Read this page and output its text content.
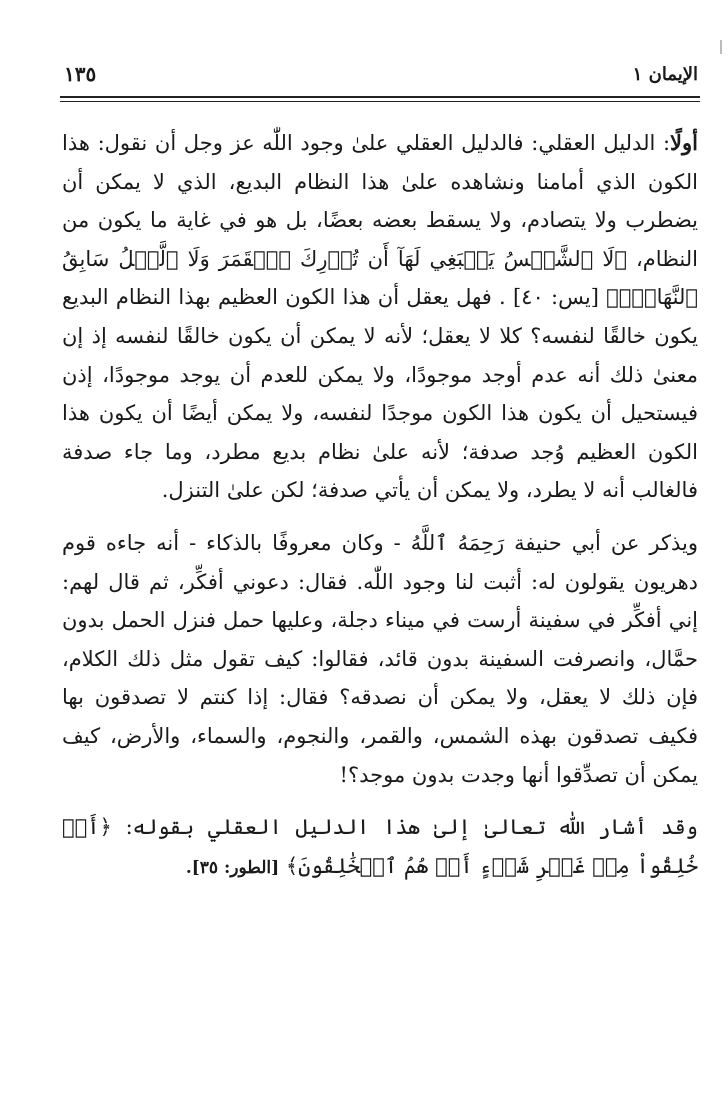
الإيمان ١
١٣٥

أولًا: الدليل العقلي: فالدليل العقلي علىٰ وجود اللّٰه عز وجل أن نقول: هذا الكون الذي أمامنا ونشاهده علىٰ هذا النظام البديع، الذي لا يمكن أن يضطرب ولا يتصادم، ولا يسقط بعضه بعضًا، بل هو في غاية ما يكون من النظام، ﴿لَا ٱلشَّمۡسُ يَنۢبَغِي لَهَآ أَن تُدۡرِكَ ٱلۡقَمَرَ وَلَا ٱلَّيۡلُ سَابِقُ ٱلنَّهَارِۚ﴾ [يس: ٤٠] . فهل يعقل أن هذا الكون العظيم بهذا النظام البديع يكون خالقًا لنفسه؟ كلا لا يعقل؛ لأنه لا يمكن أن يكون خالقًا لنفسه إذ إن معنىٰ ذلك أنه عدم أوجد موجودًا، ولا يمكن للعدم أن يوجد موجودًا، إذن فيستحيل أن يكون هذا الكون موجدًا لنفسه، ولا يمكن أيضًا أن يكون هذا الكون العظيم وُجد صدفة؛ لأنه علىٰ نظام بديع مطرد، وما جاء صدفة فالغالب أنه لا يطرد، ولا يمكن أن يأتي صدفة؛ لكن علىٰ التنزل.

ويذكر عن أبي حنيفة رَحِمَهُ ٱللَّهُ - وكان معروفًا بالذكاء - أنه جاءه قوم دهريون يقولون له: أثبت لنا وجود اللّٰه. فقال: دعوني أفكِّر، ثم قال لهم: إني أفكِّر في سفينة أرست في ميناء دجلة، وعليها حمل فنزل الحمل بدون حمَّال، وانصرفت السفينة بدون قائد، فقالوا: كيف تقول مثل ذلك الكلام، فإن ذلك لا يعقل، ولا يمكن أن نصدقه؟ فقال: إذا كنتم لا تصدقون بها فكيف تصدقون بهذه الشمس، والقمر، والنجوم، والسماء، والأرض، كيف يمكن أن تصدِّقوا أنها وجدت بدون موجد؟!

وقد أشار اللّٰه تعالىٰ إلىٰ هذا الدليل العقلي بقوله: ﴿أَمۡ خُلِقُواْ مِنۡ غَيۡرِ شَيۡءٍ أَمۡ هُمُ ٱلۡخَٰلِقُونَ﴾ [الطور: ٣٥].
